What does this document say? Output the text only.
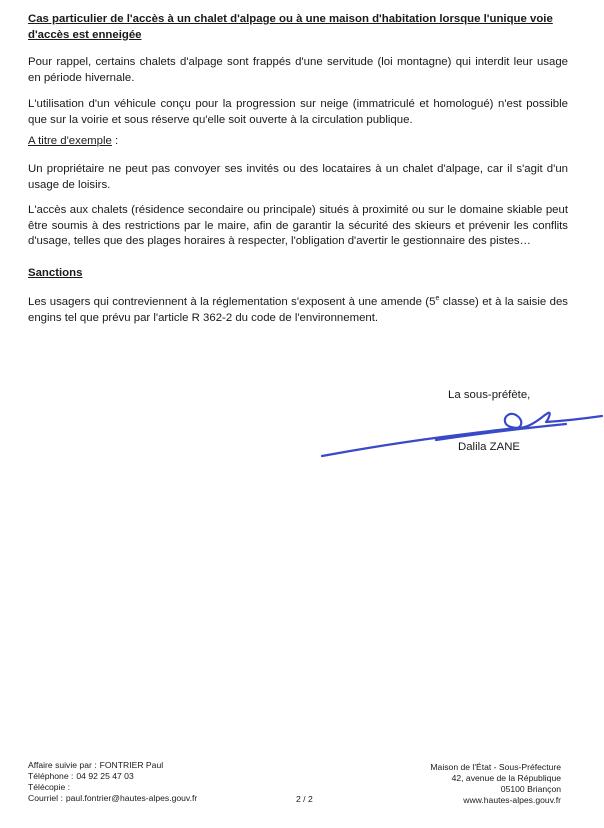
Cas particulier de l'accès à un chalet d'alpage ou à une maison d'habitation lorsque l'unique voie d'accès est enneigée
Pour rappel, certains chalets d'alpage sont frappés d'une servitude (loi montagne) qui interdit leur usage en période hivernale.
L'utilisation d'un véhicule conçu pour la progression sur neige (immatriculé et homologué) n'est possible que sur la voirie et sous réserve qu'elle soit ouverte à la circulation publique.
A titre d'exemple :
Un propriétaire ne peut pas convoyer ses invités ou des locataires à un chalet d'alpage, car il s'agit d'un usage de loisirs.
L'accès aux chalets (résidence secondaire ou principale) situés à proximité ou sur le domaine skiable peut être soumis à des restrictions par le maire, afin de garantir la sécurité des skieurs et prévenir les conflits d'usage, telles que des plages horaires à respecter, l'obligation d'avertir le gestionnaire des pistes…
Sanctions
Les usagers qui contreviennent à la réglementation s'exposent à une amende (5e classe) et à la saisie des engins tel que prévu par l'article R 362-2 du code de l'environnement.
La sous-préfète,
Dalila ZANE
Affaire suivie par : FONTRIER Paul
Téléphone : 04 92 25 47 03
Télécopie :
Courriel : paul.fontrier@hautes-alpes.gouv.fr	2 / 2
Maison de l'État - Sous-Préfecture
42, avenue de la République
05100 Briançon
www.hautes-alpes.gouv.fr
